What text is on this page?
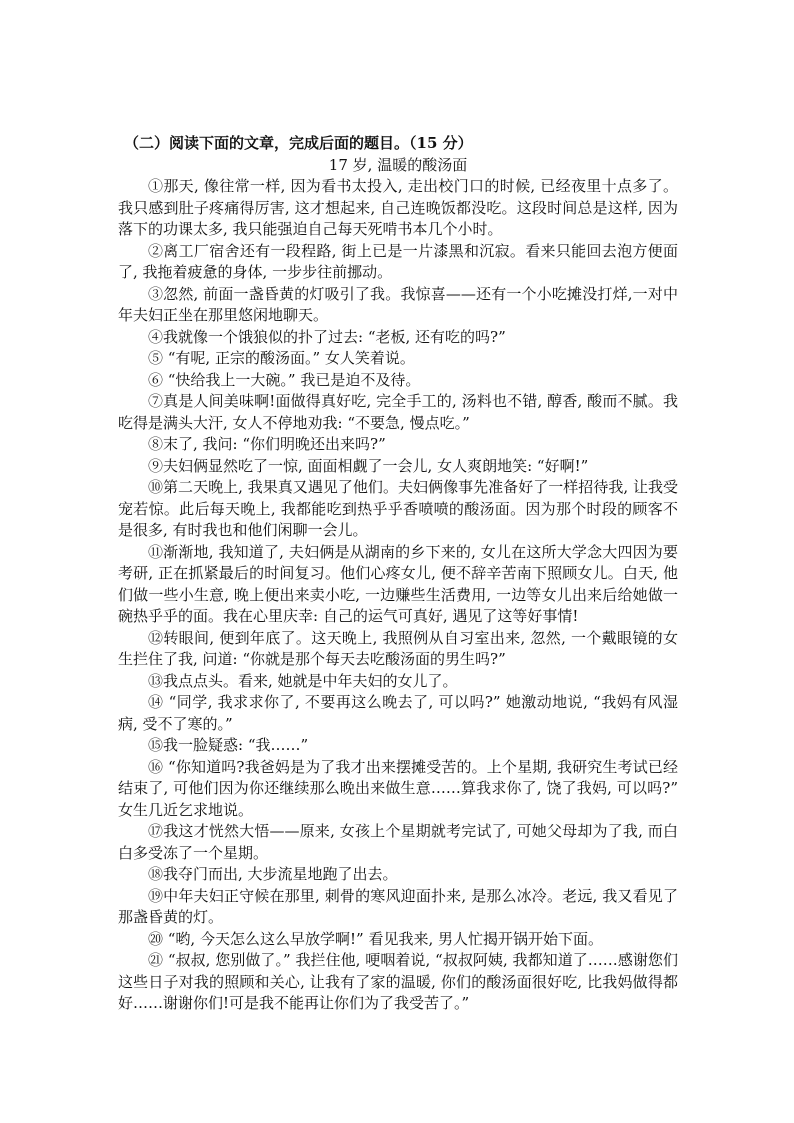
（二）阅读下面的文章，完成后面的题目。（15 分）

17 岁, 温暖的酸汤面

①那天, 像往常一样, 因为看书太投入, 走出校门口的时候, 已经夜里十点多了。我只感到肚子疼痛得厉害, 这才想起来, 自己连晚饭都没吃。这段时间总是这样, 因为落下的功课太多, 我只能强迫自己每天死啃书本几个小时。

②离工厂宿舍还有一段程路, 街上已是一片漆黑和沉寂。看来只能回去泡方便面了, 我拖着疲惫的身体, 一步步往前挪动。

③忽然, 前面一盏昏黄的灯吸引了我。我惊喜——还有一个小吃摊没打烊,一对中年夫妇正坐在那里悠闲地聊天。

④我就像一个饿狼似的扑了过去: “老板, 还有吃的吗?”

⑤ “有呢, 正宗的酸汤面。” 女人笑着说。

⑥ “快给我上一大碗。” 我已是迫不及待。

⑦真是人间美味啊!面做得真好吃, 完全手工的, 汤料也不错, 醇香, 酸而不腻。我吃得是满头大汗, 女人不停地劝我: “不要急, 慢点吃。”

⑧末了, 我问: “你们明晚还出来吗?”

⑨夫妇俩显然吃了一惊, 面面相觑了一会儿, 女人爽朗地笑: “好啊!”

⑩第二天晚上, 我果真又遇见了他们。夫妇俩像事先准备好了一样招待我, 让我受宠若惊。此后每天晚上, 我都能吃到热乎乎香喷喷的酸汤面。因为那个时段的顾客不是很多, 有时我也和他们闲聊一会儿。

⑪渐渐地, 我知道了, 夫妇俩是从湖南的乡下来的, 女儿在这所大学念大四因为要考研, 正在抓紧最后的时间复习。他们心疼女儿, 便不辞辛苦南下照顾女儿。白天, 他们做一些小生意, 晚上便出来卖小吃, 一边赚些生活费用, 一边等女儿出来后给她做一碗热乎乎的面。我在心里庆幸: 自己的运气可真好, 遇见了这等好事情!

⑫转眼间, 便到年底了。这天晚上, 我照例从自习室出来, 忽然, 一个戴眼镜的女生拦住了我, 问道: “你就是那个每天去吃酸汤面的男生吗?”

⑬我点点头。看来, 她就是中年夫妇的女儿了。

⑭ “同学, 我求求你了, 不要再这么晚去了, 可以吗?” 她激动地说, “我妈有风湿病, 受不了寒的。”

⑮我一脸疑惑: “我……”

⑯ “你知道吗?我爸妈是为了我才出来摆摊受苦的。上个星期, 我研究生考试已经结束了, 可他们因为你还继续那么晚出来做生意……算我求你了, 饶了我妈, 可以吗?” 女生几近乞求地说。

⑰我这才恍然大悟——原来, 女孩上个星期就考完试了, 可她父母却为了我, 而白白多受冻了一个星期。

⑱我夺门而出, 大步流星地跑了出去。

⑲中年夫妇正守候在那里, 刺骨的寒风迎面扑来, 是那么冰冷。老远, 我又看见了那盏昏黄的灯。

⑳ “哟, 今天怎么这么早放学啊!” 看见我来, 男人忙揭开锅开始下面。

㉑ “叔叔, 您别做了。” 我拦住他, 哽咽着说, “叔叔阿姨, 我都知道了……感谢您们这些日子对我的照顾和关心, 让我有了家的温暖, 你们的酸汤面很好吃, 比我妈做得都好……谢谢你们!可是我不能再让你们为了我受苦了。”
